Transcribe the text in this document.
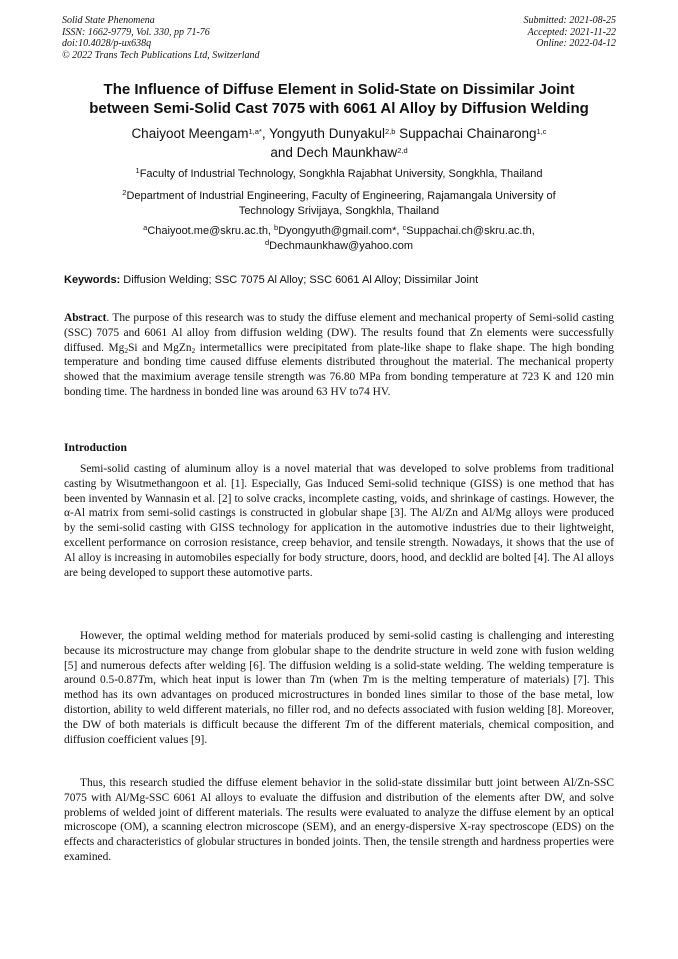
Solid State Phenomena
ISSN: 1662-9779, Vol. 330, pp 71-76
doi:10.4028/p-ux638q
© 2022 Trans Tech Publications Ltd, Switzerland
Submitted: 2021-08-25
Accepted: 2021-11-22
Online: 2022-04-12
The Influence of Diffuse Element in Solid-State on Dissimilar Joint
between Semi-Solid Cast 7075 with 6061 Al Alloy by Diffusion Welding
Chaiyoot Meengam$^{1,a*}$, Yongyuth Dunyakul$^{2,b}$ Suppachai Chainarong$^{1,c}$
and Dech Maunkhaw$^{2,d}$
$^1$Faculty of Industrial Technology, Songkhla Rajabhat University, Songkhla, Thailand
$^2$Department of Industrial Engineering, Faculty of Engineering, Rajamangala University of
Technology Srivijaya, Songkhla, Thailand
$^a$Chaiyoot.me@skru.ac.th, $^b$Dyongyuth@gmail.com*, $^c$Suppachai.ch@skru.ac.th,
$^d$Dechmaunkhaw@yahoo.com
Keywords: Diffusion Welding; SSC 7075 Al Alloy; SSC 6061 Al Alloy; Dissimilar Joint
Abstract. The purpose of this research was to study the diffuse element and mechanical property of Semi-solid casting (SSC) 7075 and 6061 Al alloy from diffusion welding (DW). The results found that Zn elements were successfully diffused. $Mg_2Si$ and MgZn$_2$ intermetallics were precipitated from plate-like shape to flake shape. The high bonding temperature and bonding time caused diffuse elements distributed throughout the material. The mechanical property showed that the maximium average tensile strength was 76.80 MPa from bonding temperature at 723 K and 120 min bonding time. The hardness in bonded line was around 63 HV to74 HV.
Introduction
Semi-solid casting of aluminum alloy is a novel material that was developed to solve problems from traditional casting by Wisutmethangoon et al. [1]. Especially, Gas Induced Semi-solid technique (GISS) is one method that has been invented by Wannasin et al. [2] to solve cracks, incomplete casting, voids, and shrinkage of castings. However, the α-Al matrix from semi-solid castings is constructed in globular shape [3]. The Al/Zn and Al/Mg alloys were produced by the semi-solid casting with GISS technology for application in the automotive industries due to their lightweight, excellent performance on corrosion resistance, creep behavior, and tensile strength. Nowadays, it shows that the use of Al alloy is increasing in automobiles especially for body structure, doors, hood, and decklid are bolted [4]. The Al alloys are being developed to support these automotive parts.
However, the optimal welding method for materials produced by semi-solid casting is challenging and interesting because its microstructure may change from globular shape to the dendrite structure in weld zone with fusion welding [5] and numerous defects after welding [6]. The diffusion welding is a solid-state welding. The welding temperature is around 0.5-0.87Tm, which heat input is lower than Tm (when Tm is the melting temperature of materials) [7]. This method has its own advantages on produced microstructures in bonded lines similar to those of the base metal, low distortion, ability to weld different materials, no filler rod, and no defects associated with fusion welding [8]. Moreover, the DW of both materials is difficult because the different Tm of the different materials, chemical composition, and diffusion coefficient values [9].
Thus, this research studied the diffuse element behavior in the solid-state dissimilar butt joint between Al/Zn-SSC 7075 with Al/Mg-SSC 6061 Al alloys to evaluate the diffusion and distribution of the elements after DW, and solve problems of welded joint of different materials. The results were evaluated to analyze the diffuse element by an optical microscope (OM), a scanning electron microscope (SEM), and an energy-dispersive X-ray spectroscope (EDS) on the effects and characteristics of globular structures in bonded joints. Then, the tensile strength and hardness properties were examined.
